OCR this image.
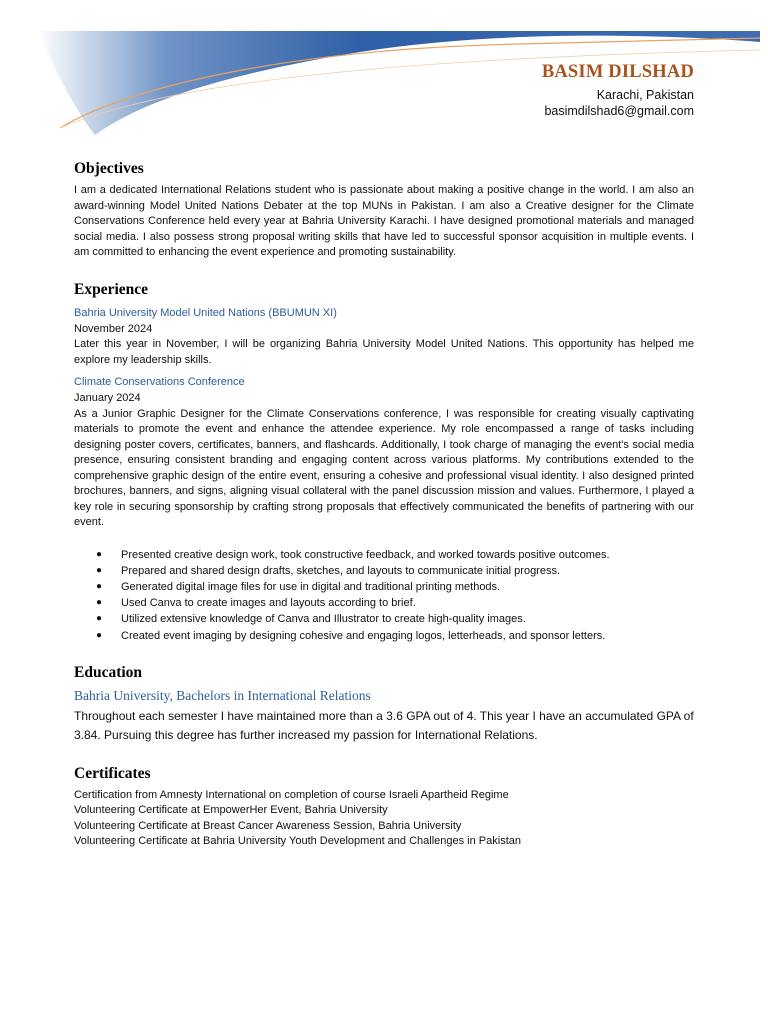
BASIM DILSHAD
Karachi, Pakistan
basimdilshad6@gmail.com
Objectives

I am a dedicated International Relations student who is passionate about making a positive change in the world. I am also an award-winning Model United Nations Debater at the top MUNs in Pakistan. I am also a Creative designer for the Climate Conservations Conference held every year at Bahria University Karachi. I have designed promotional materials and managed social media. I also possess strong proposal writing skills that have led to successful sponsor acquisition in multiple events. I am committed to enhancing the event experience and promoting sustainability.

Experience
Bahria University Model United Nations (BBUMUN XI)
November 2024

Later this year in November, I will be organizing Bahria University Model United Nations. This opportunity has helped me explore my leadership skills.

Climate Conservations Conference
January 2024

As a Junior Graphic Designer for the Climate Conservations conference, I was responsible for creating visually captivating materials to promote the event and enhance the attendee experience. My role encompassed a range of tasks including designing poster covers, certificates, banners, and flashcards. Additionally, I took charge of managing the event's social media presence, ensuring consistent branding and engaging content across various platforms. My contributions extended to the comprehensive graphic design of the entire event, ensuring a cohesive and professional visual identity. I also designed printed brochures, banners, and signs, aligning visual collateral with the panel discussion mission and values. Furthermore, I played a key role in securing sponsorship by crafting strong proposals that effectively communicated the benefits of partnering with our event.

● Presented creative design work, took constructive feedback, and worked towards positive outcomes.
● Prepared and shared design drafts, sketches, and layouts to communicate initial progress.
● Generated digital image files for use in digital and traditional printing methods.
● Used Canva to create images and layouts according to brief.
● Utilized extensive knowledge of Canva and Illustrator to create high-quality images.
● Created event imaging by designing cohesive and engaging logos, letterheads, and sponsor letters.
Education
Bahria University, Bachelors in International Relations

Throughout each semester I have maintained more than a 3.6 GPA out of 4. This year I have an accumulated GPA of 3.84. Pursuing this degree has further increased my passion for International Relations.

Certificates
Certification from Amnesty International on completion of course Israeli Apartheid Regime
Volunteering Certificate at EmpowerHer Event, Bahria University
Volunteering Certificate at Breast Cancer Awareness Session, Bahria University
Volunteering Certificate at Bahria University Youth Development and Challenges in Pakistan
